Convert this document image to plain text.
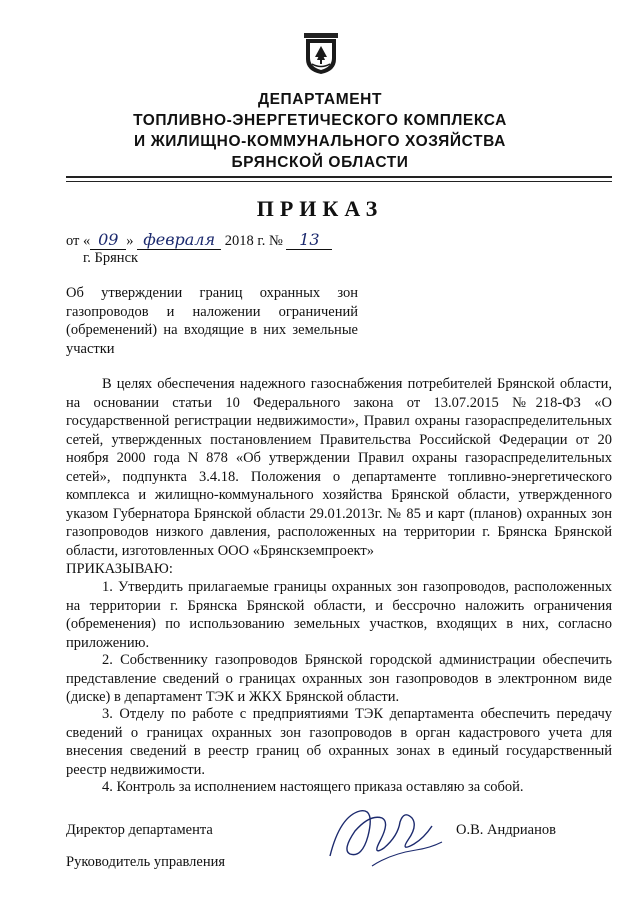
ДЕПАРТАМЕНТ
ТОПЛИВНО-ЭНЕРГЕТИЧЕСКОГО КОМПЛЕКСА
И ЖИЛИЩНО-КОММУНАЛЬНОГО ХОЗЯЙСТВА
БРЯНСКОЙ ОБЛАСТИ
ПРИКАЗ
от « 09 » февраля 2018 г. № 13
г. Брянск
Об утверждении границ охранных зон газопроводов и наложении ограничений (обременений) на входящие в них земельные участки
В целях обеспечения надежного газоснабжения потребителей Брянской области, на основании статьи 10 Федерального закона от 13.07.2015 №218-ФЗ «О государственной регистрации недвижимости», Правил охраны газораспределительных сетей, утвержденных постановлением Правительства Российской Федерации от 20 ноября 2000 года N 878 «Об утверждении Правил охраны газораспределительных сетей», подпункта 3.4.18. Положения о департаменте топливно-энергетического комплекса и жилищно-коммунального хозяйства Брянской области, утвержденного указом Губернатора Брянской области 29.01.2013г. № 85 и карт (планов) охранных зон газопроводов низкого давления, расположенных на территории г. Брянска Брянской области, изготовленных ООО «Брянскземпроект»
ПРИКАЗЫВАЮ:
1. Утвердить прилагаемые границы охранных зон газопроводов, расположенных на территории г. Брянска Брянской области, и бессрочно наложить ограничения (обременения) по использованию земельных участков, входящих в них, согласно приложению.
2. Собственнику газопроводов Брянской городской администрации обеспечить представление сведений о границах охранных зон газопроводов в электронном виде (диске) в департамент ТЭК и ЖКХ Брянской области.
3. Отделу по работе с предприятиями ТЭК департамента обеспечить передачу сведений о границах охранных зон газопроводов в орган кадастрового учета для внесения сведений в реестр границ об охранных зонах в единый государственный реестр недвижимости.
4. Контроль за исполнением настоящего приказа оставляю за собой.
Директор департамента	О.В. Андрианов
Руководитель управления
